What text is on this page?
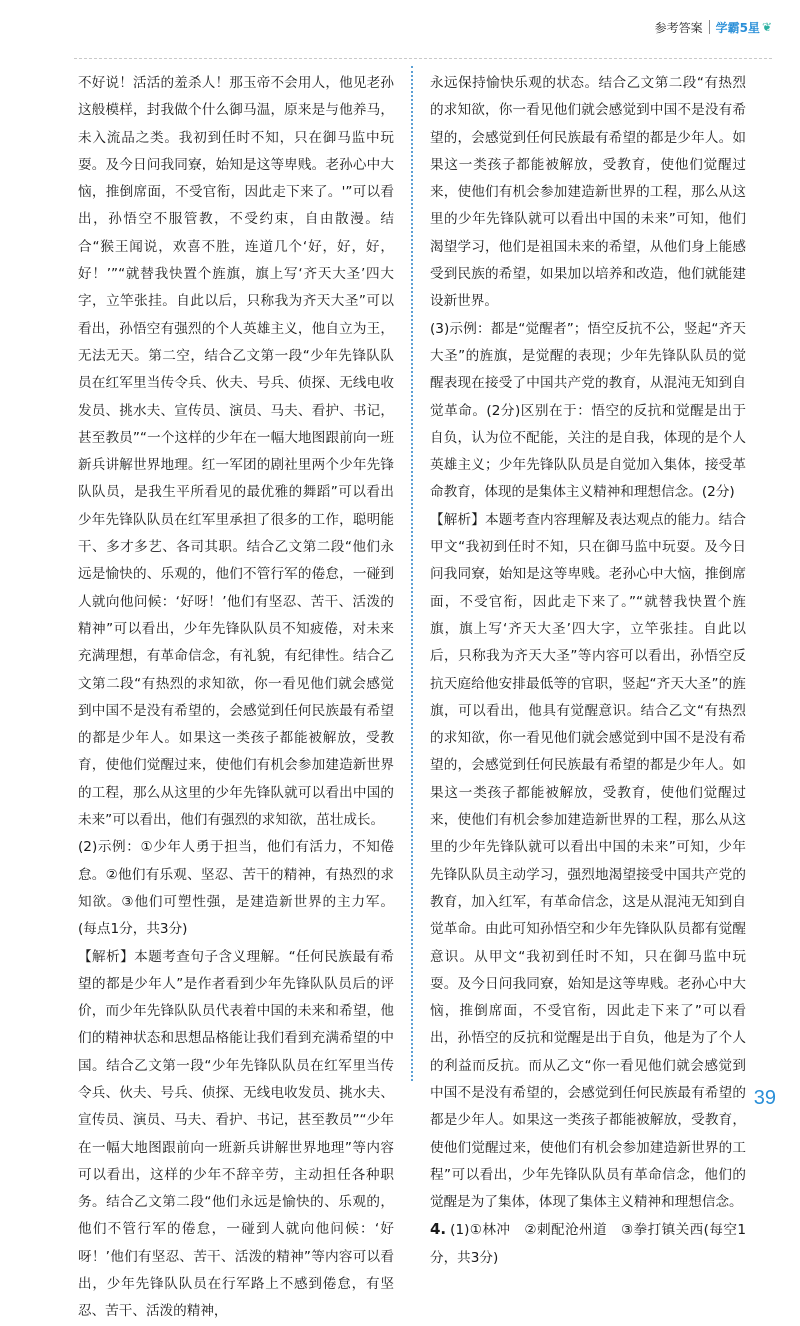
参考答案 学霸5星 ❦

不好说！活活的羞杀人！那玉帝不会用人，他见老孙这般模样，封我做个什么御马温，原来是与他养马，未入流品之类。我初到任时不知，只在御马监中玩耍。及今日问我同寮，始知是这等卑贱。老孙心中大恼，推倒席面，不受官衔，因此走下来了。'”可以看出，孙悟空不服管教，不受约束，自由散漫。结合“猴王闻说，欢喜不胜，连道几个‘好，好，好，好！’”“就替我快置个旌旗，旗上写‘齐天大圣’四大字，立竿张挂。自此以后，只称我为齐天大圣”可以看出，孙悟空有强烈的个人英雄主义，他自立为王，无法无天。第二空，结合乙文第一段“少年先锋队队员在红军里当传令兵、伙夫、号兵、侦探、无线电收发员、挑水夫、宣传员、演员、马夫、看护、书记，甚至教员”“一个这样的少年在一幅大地图跟前向一班新兵讲解世界地理。红一军团的剧社里两个少年先锋队队员，是我生平所看见的最优雅的舞蹈”可以看出少年先锋队队员在红军里承担了很多的工作，聪明能干、多才多艺、各司其职。结合乙文第二段“他们永远是愉快的、乐观的，他们不管行军的倦怠，一碰到人就向他问候：‘好呀！’他们有坚忍、苦干、活泼的精神”可以看出，少年先锋队队员不知疲倦，对未来充满理想，有革命信念，有礼貌，有纪律性。结合乙文第二段“有热烈的求知欲，你一看见他们就会感觉到中国不是没有希望的，会感觉到任何民族最有希望的都是少年人。如果这一类孩子都能被解放，受教育，使他们觉醒过来，使他们有机会参加建造新世界的工程，那么从这里的少年先锋队就可以看出中国的未来”可以看出，他们有强烈的求知欲，茁壮成长。

(2)示例：①少年人勇于担当，他们有活力，不知倦怠。②他们有乐观、坚忍、苦干的精神，有热烈的求知欲。③他们可塑性强，是建造新世界的主力军。(每点1分，共3分)

【解析】本题考查句子含义理解。“任何民族最有希望的都是少年人”是作者看到少年先锋队队员后的评价，而少年先锋队队员代表着中国的未来和希望，他们的精神状态和思想品格能让我们看到充满希望的中国。结合乙文第一段“少年先锋队队员在红军里当传令兵、伙夫、号兵、侦探、无线电收发员、挑水夫、宣传员、演员、马夫、看护、书记，甚至教员”“少年在一幅大地图跟前向一班新兵讲解世界地理”等内容可以看出，这样的少年不辞辛劳，主动担任各种职务。结合乙文第二段“他们永远是愉快的、乐观的，他们不管行军的倦怠，一碰到人就向他问候：‘好呀！’他们有坚忍、苦干、活泼的精神”等内容可以看出，少年先锋队队员在行军路上不感到倦怠，有坚忍、苦干、活泼的精神，

永远保持愉快乐观的状态。结合乙文第二段“有热烈的求知欲，你一看见他们就会感觉到中国不是没有希望的，会感觉到任何民族最有希望的都是少年人。如果这一类孩子都能被解放，受教育，使他们觉醒过来，使他们有机会参加建造新世界的工程，那么从这里的少年先锋队就可以看出中国的未来”可知，他们渴望学习，他们是祖国未来的希望，从他们身上能感受到民族的希望，如果加以培养和改造，他们就能建设新世界。

(3)示例：都是“觉醒者”；悟空反抗不公，竖起“齐天大圣”的旌旗，是觉醒的表现；少年先锋队队员的觉醒表现在接受了中国共产党的教育，从混沌无知到自觉革命。(2分)区别在于：悟空的反抗和觉醒是出于自负，认为位不配能，关注的是自我，体现的是个人英雄主义；少年先锋队队员是自觉加入集体，接受革命教育，体现的是集体主义精神和理想信念。(2分)

【解析】本题考查内容理解及表达观点的能力。结合甲文“我初到任时不知，只在御马监中玩耍。及今日问我同寮，始知是这等卑贱。老孙心中大恼，推倒席面，不受官衔，因此走下来了。”“就替我快置个旌旗，旗上写‘齐天大圣’四大字，立竿张挂。自此以后，只称我为齐天大圣”等内容可以看出，孙悟空反抗天庭给他安排最低等的官职，竖起“齐天大圣”的旌旗，可以看出，他具有觉醒意识。结合乙文“有热烈的求知欲，你一看见他们就会感觉到中国不是没有希望的，会感觉到任何民族最有希望的都是少年人。如果这一类孩子都能被解放，受教育，使他们觉醒过来，使他们有机会参加建造新世界的工程，那么从这里的少年先锋队就可以看出中国的未来”可知，少年先锋队队员主动学习，强烈地渴望接受中国共产党的教育，加入红军，有革命信念，这是从混沌无知到自觉革命。由此可知孙悟空和少年先锋队队员都有觉醒意识。从甲文“我初到任时不知，只在御马监中玩耍。及今日问我同寮，始知是这等卑贱。老孙心中大恼，推倒席面，不受官衔，因此走下来了”可以看出，孙悟空的反抗和觉醒是出于自负，他是为了个人的利益而反抗。而从乙文“你一看见他们就会感觉到中国不是没有希望的，会感觉到任何民族最有希望的都是少年人。如果这一类孩子都能被解放，受教育，使他们觉醒过来，使他们有机会参加建造新世界的工程”可以看出，少年先锋队队员有革命信念，他们的觉醒是为了集体，体现了集体主义精神和理想信念。

4. (1)①林冲　②刺配沧州道　③拳打镇关西(每空1分，共3分)

39
